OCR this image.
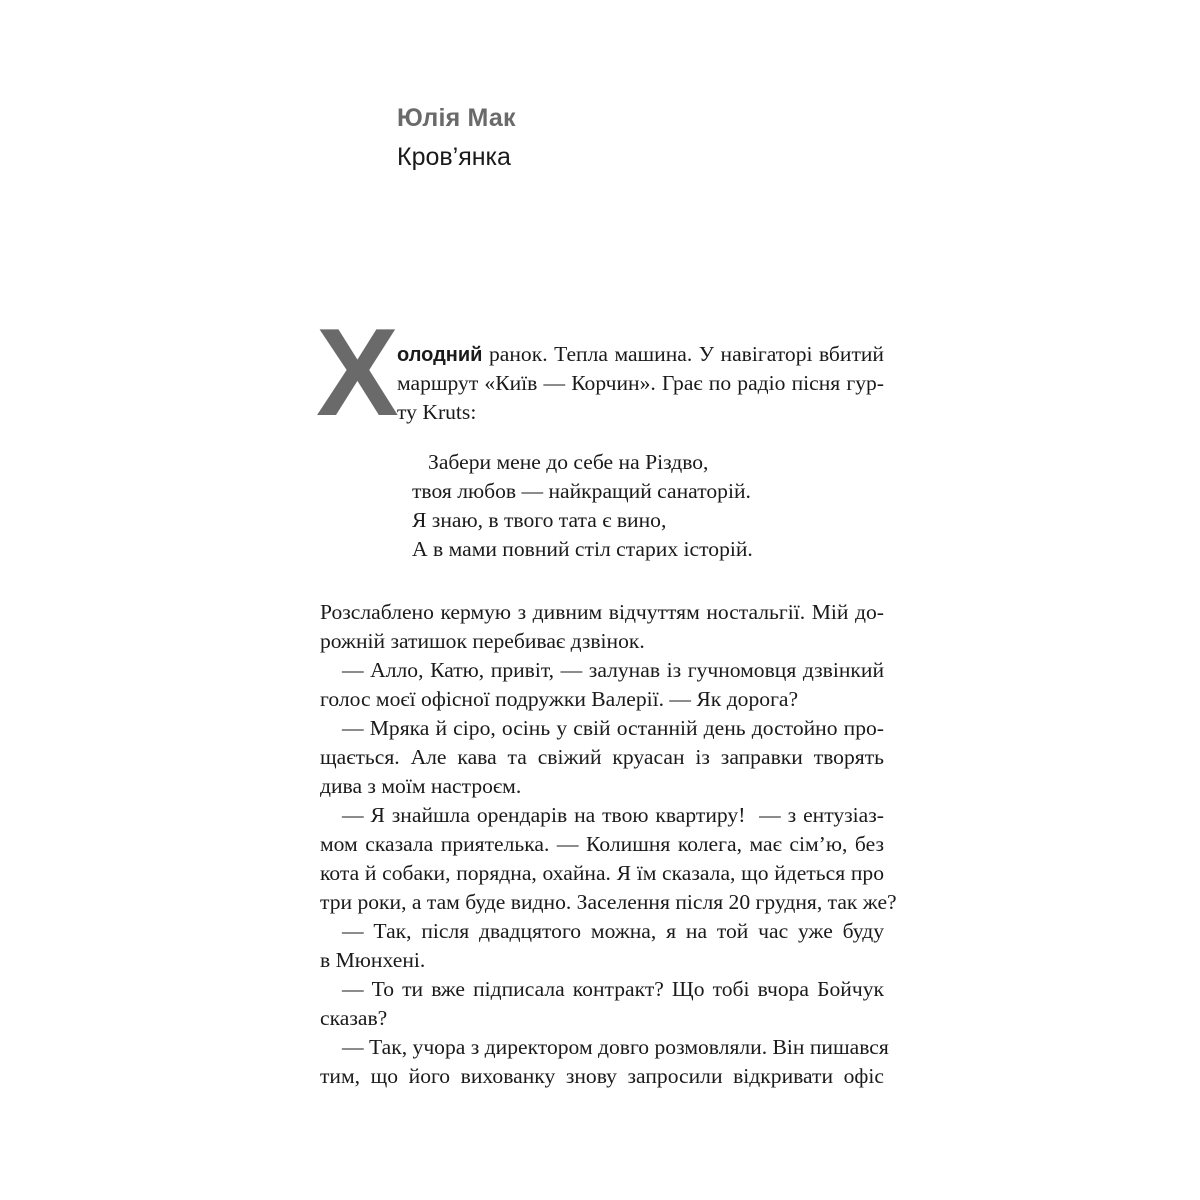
Юлія Мак
Кров’янка
Х
олодний ранок. Тепла машина. У навігаторі вбитий
маршрут «Київ — Корчин». Грає по радіо пісня гур-
ту Kruts:
Забери мене до себе на Різдво,
твоя любов — найкращий санаторій.
Я знаю, в твого тата є вино,
А в мами повний стіл старих історій.
Розслаблено кермую з дивним відчуттям ностальгії. Мій до-
рожній затишок перебиває дзвінок.
— Алло, Катю, привіт, — залунав із гучномовця дзвінкий
голос моєї офісної подружки Валерії. — Як дорога?
— Мряка й сіро, осінь у свій останній день достойно про-
щається. Але кава та свіжий круасан із заправки творять
дива з моїм настроєм.
— Я знайшла орендарів на твою квартиру!  — з ентузіаз-
мом сказала приятелька. — Колишня колега, має сім’ю, без
кота й собаки, порядна, охайна. Я їм сказала, що йдеться про
три роки, а там буде видно. Заселення після 20 грудня, так же?
— Так, після двадцятого можна, я на той час уже буду
в Мюнхені.
— То ти вже підписала контракт? Що тобі вчора Бойчук
сказав?
— Так, учора з директором довго розмовляли. Він пишався
тим, що його вихованку знову запросили відкривати офіс
